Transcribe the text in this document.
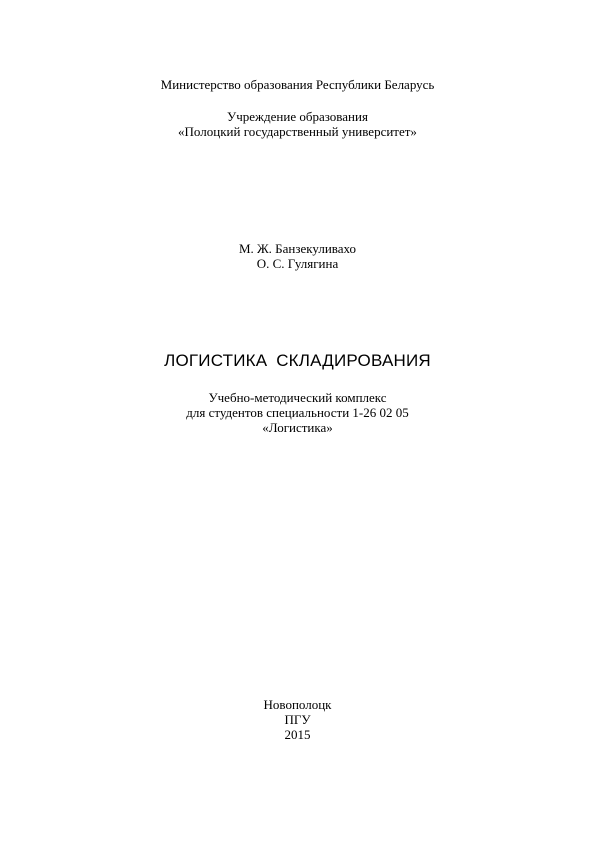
Министерство образования Республики Беларусь
Учреждение образования
«Полоцкий государственный университет»
М. Ж. Банзекуливахо
О. С. Гулягина
ЛОГИСТИКА СКЛАДИРОВАНИЯ
Учебно-методический комплекс
для студентов специальности 1-26 02 05
«Логистика»
Новополоцк
ПГУ
2015
